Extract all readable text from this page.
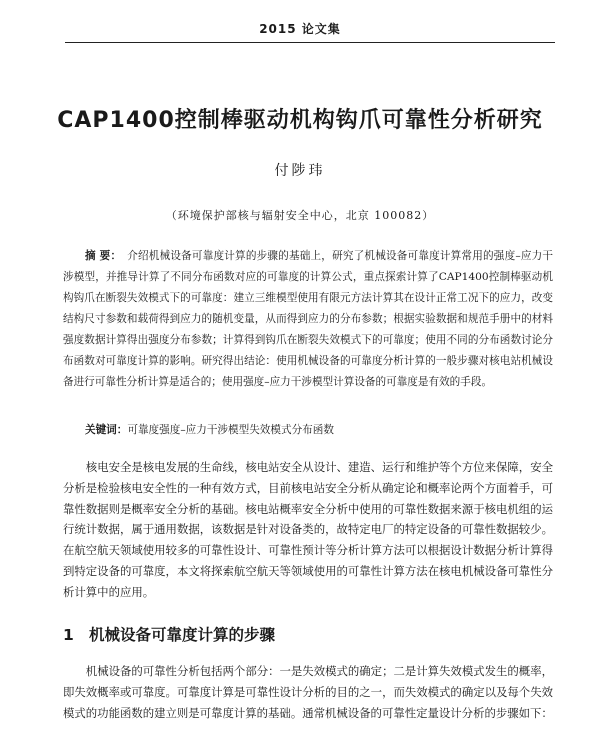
2015 论文集
CAP1400控制棒驱动机构钩爪可靠性分析研究
付陟玮
（环境保护部核与辐射安全中心，北京 100082）
摘 要： 介绍机械设备可靠度计算的步骤的基础上，研究了机械设备可靠度计算常用的强度–应力干涉模型，并推导计算了不同分布函数对应的可靠度的计算公式，重点探索计算了CAP1400控制棒驱动机构钩爪在断裂失效模式下的可靠度：建立三维模型使用有限元方法计算其在设计正常工况下的应力，改变结构尺寸参数和载荷得到应力的随机变量，从而得到应力的分布参数；根据实验数据和规范手册中的材料强度数据计算得出强度分布参数；计算得到钩爪在断裂失效模式下的可靠度；使用不同的分布函数讨论分布函数对可靠度计算的影响。研究得出结论：使用机械设备的可靠度分析计算的一般步骤对核电站机械设备进行可靠性分析计算是适合的；使用强度–应力干涉模型计算设备的可靠度是有效的手段。
关键词：可靠度强度–应力干涉模型失效模式分布函数
核电安全是核电发展的生命线，核电站安全从设计、建造、运行和维护等个方位来保障，安全分析是检验核电安全性的一种有效方式，目前核电站安全分析从确定论和概率论两个方面着手，可靠性数据则是概率安全分析的基础。核电站概率安全分析中使用的可靠性数据来源于核电机组的运行统计数据，属于通用数据，该数据是针对设备类的，故特定电厂的特定设备的可靠性数据较少。在航空航天领域使用较多的可靠性设计、可靠性预计等分析计算方法可以根据设计数据分析计算得到特定设备的可靠度，本文将探索航空航天等领域使用的可靠性计算方法在核电机械设备可靠性分析计算中的应用。
1 机械设备可靠度计算的步骤
机械设备的可靠性分析包括两个部分：一是失效模式的确定；二是计算失效模式发生的概率，即失效概率或可靠度。可靠度计算是可靠性设计分析的目的之一，而失效模式的确定以及每个失效模式的功能函数的建立则是可靠度计算的基础。通常机械设备的可靠性定量设计分析的步骤如下：
